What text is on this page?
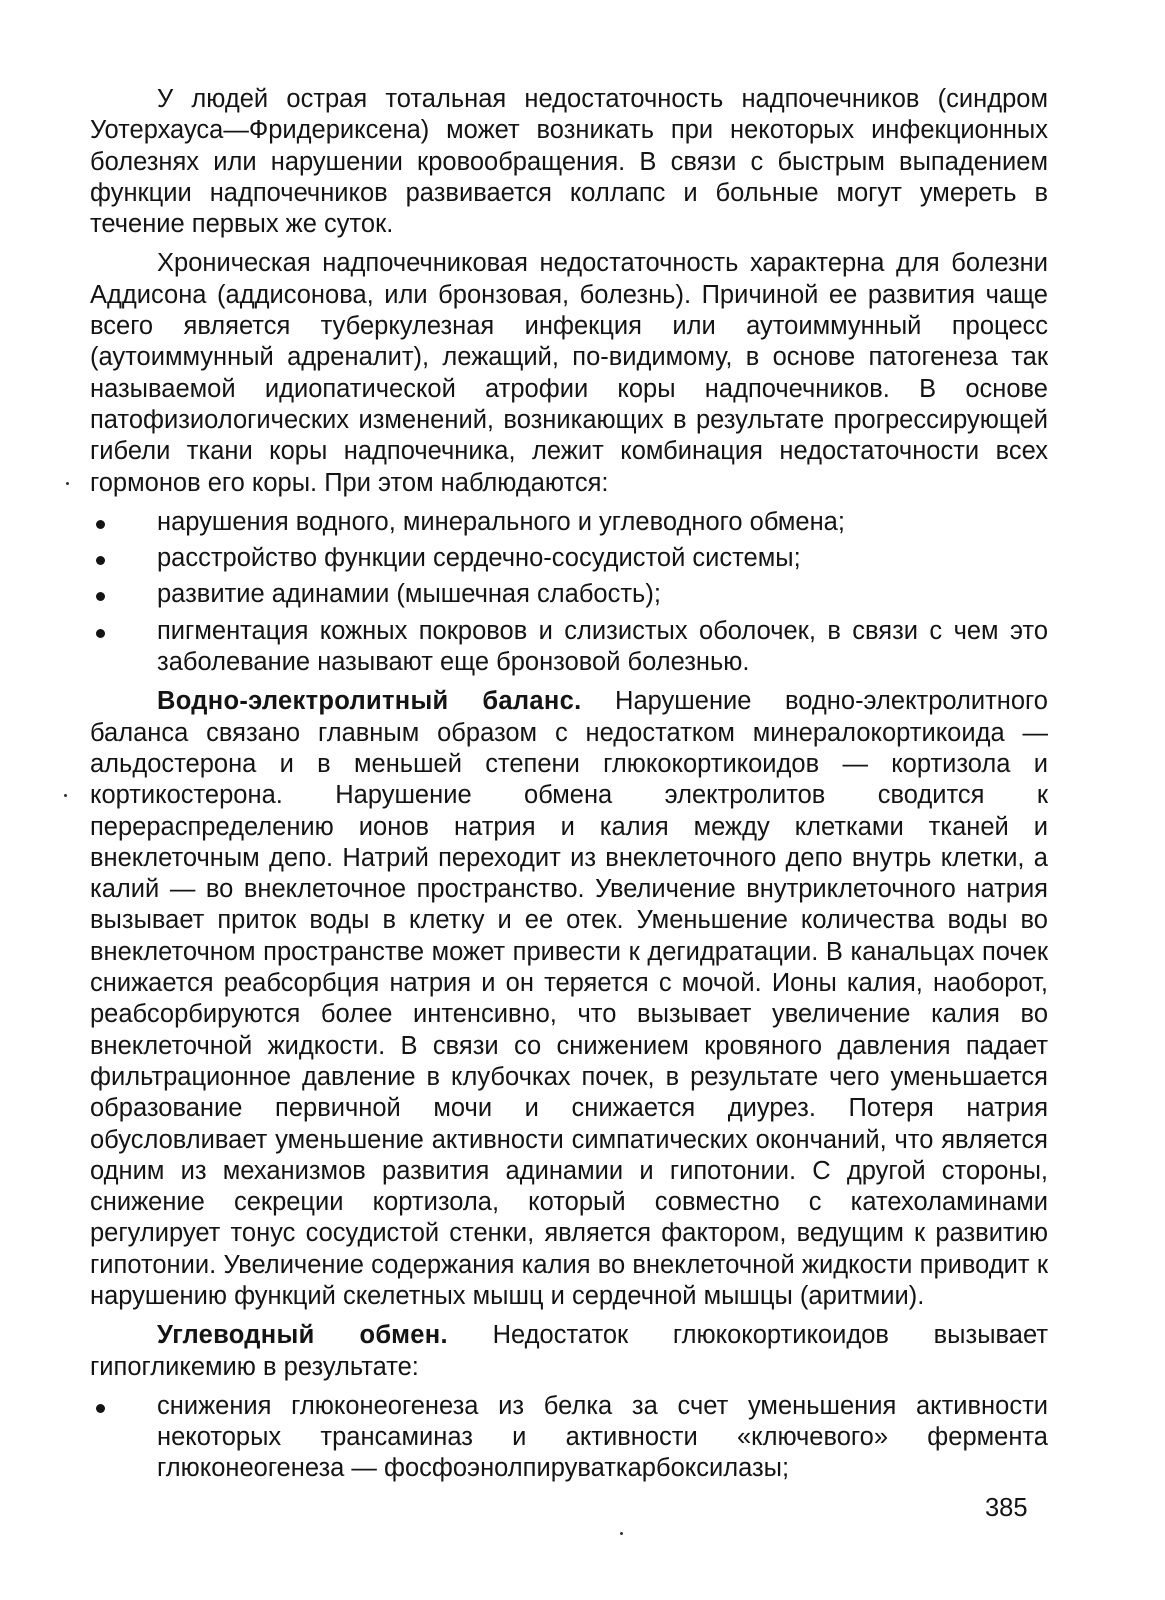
У людей острая тотальная недостаточность надпочечников (синдром Уотерхауса—Фридериксена) может возникать при некоторых инфекционных болезнях или нарушении кровообращения. В связи с быстрым выпадением функции надпочечников развивается коллапс и больные могут умереть в течение первых же суток.

Хроническая надпочечниковая недостаточность характерна для болезни Аддисона (аддисонова, или бронзовая, болезнь). Причиной ее развития чаще всего является туберкулезная инфекция или аутоиммунный процесс (аутоиммунный адреналит), лежащий, по-видимому, в основе патогенеза так называемой идиопатической атрофии коры надпочечников. В основе патофизиологических изменений, возникающих в результате прогрессирующей гибели ткани коры надпочечника, лежит комбинация недостаточности всех гормонов его коры. При этом наблюдаются:

нарушения водного, минерального и углеводного обмена;
расстройство функции сердечно-сосудистой системы;
развитие адинамии (мышечная слабость);
пигментация кожных покровов и слизистых оболочек, в связи с чем это заболевание называют еще бронзовой болезнью.

Водно-электролитный баланс. Нарушение водно-электролитного баланса связано главным образом с недостатком минералокортикоида — альдостерона и в меньшей степени глюкокортикоидов — кортизола и кортикостерона. Нарушение обмена электролитов сводится к перераспределению ионов натрия и калия между клетками тканей и внеклеточным депо. Натрий переходит из внеклеточного депо внутрь клетки, а калий — во внеклеточное пространство. Увеличение внутриклеточного натрия вызывает приток воды в клетку и ее отек. Уменьшение количества воды во внеклеточном пространстве может привести к дегидратации. В канальцах почек снижается реабсорбция натрия и он теряется с мочой. Ионы калия, наоборот, реабсорбируются более интенсивно, что вызывает увеличение калия во внеклеточной жидкости. В связи со снижением кровяного давления падает фильтрационное давление в клубочках почек, в результате чего уменьшается образование первичной мочи и снижается диурез. Потеря натрия обусловливает уменьшение активности симпатических окончаний, что является одним из механизмов развития адинамии и гипотонии. С другой стороны, снижение секреции кортизола, который совместно с катехоламинами регулирует тонус сосудистой стенки, является фактором, ведущим к развитию гипотонии. Увеличение содержания калия во внеклеточной жидкости приводит к нарушению функций скелетных мышц и сердечной мышцы (аритмии).

Углеводный обмен. Недостаток глюкокортикоидов вызывает гипогликемию в результате:

снижения глюконеогенеза из белка за счет уменьшения активности некоторых трансаминаз и активности «ключевого» фермента глюконеогенеза — фосфоэнолпируваткарбоксилазы;
385
